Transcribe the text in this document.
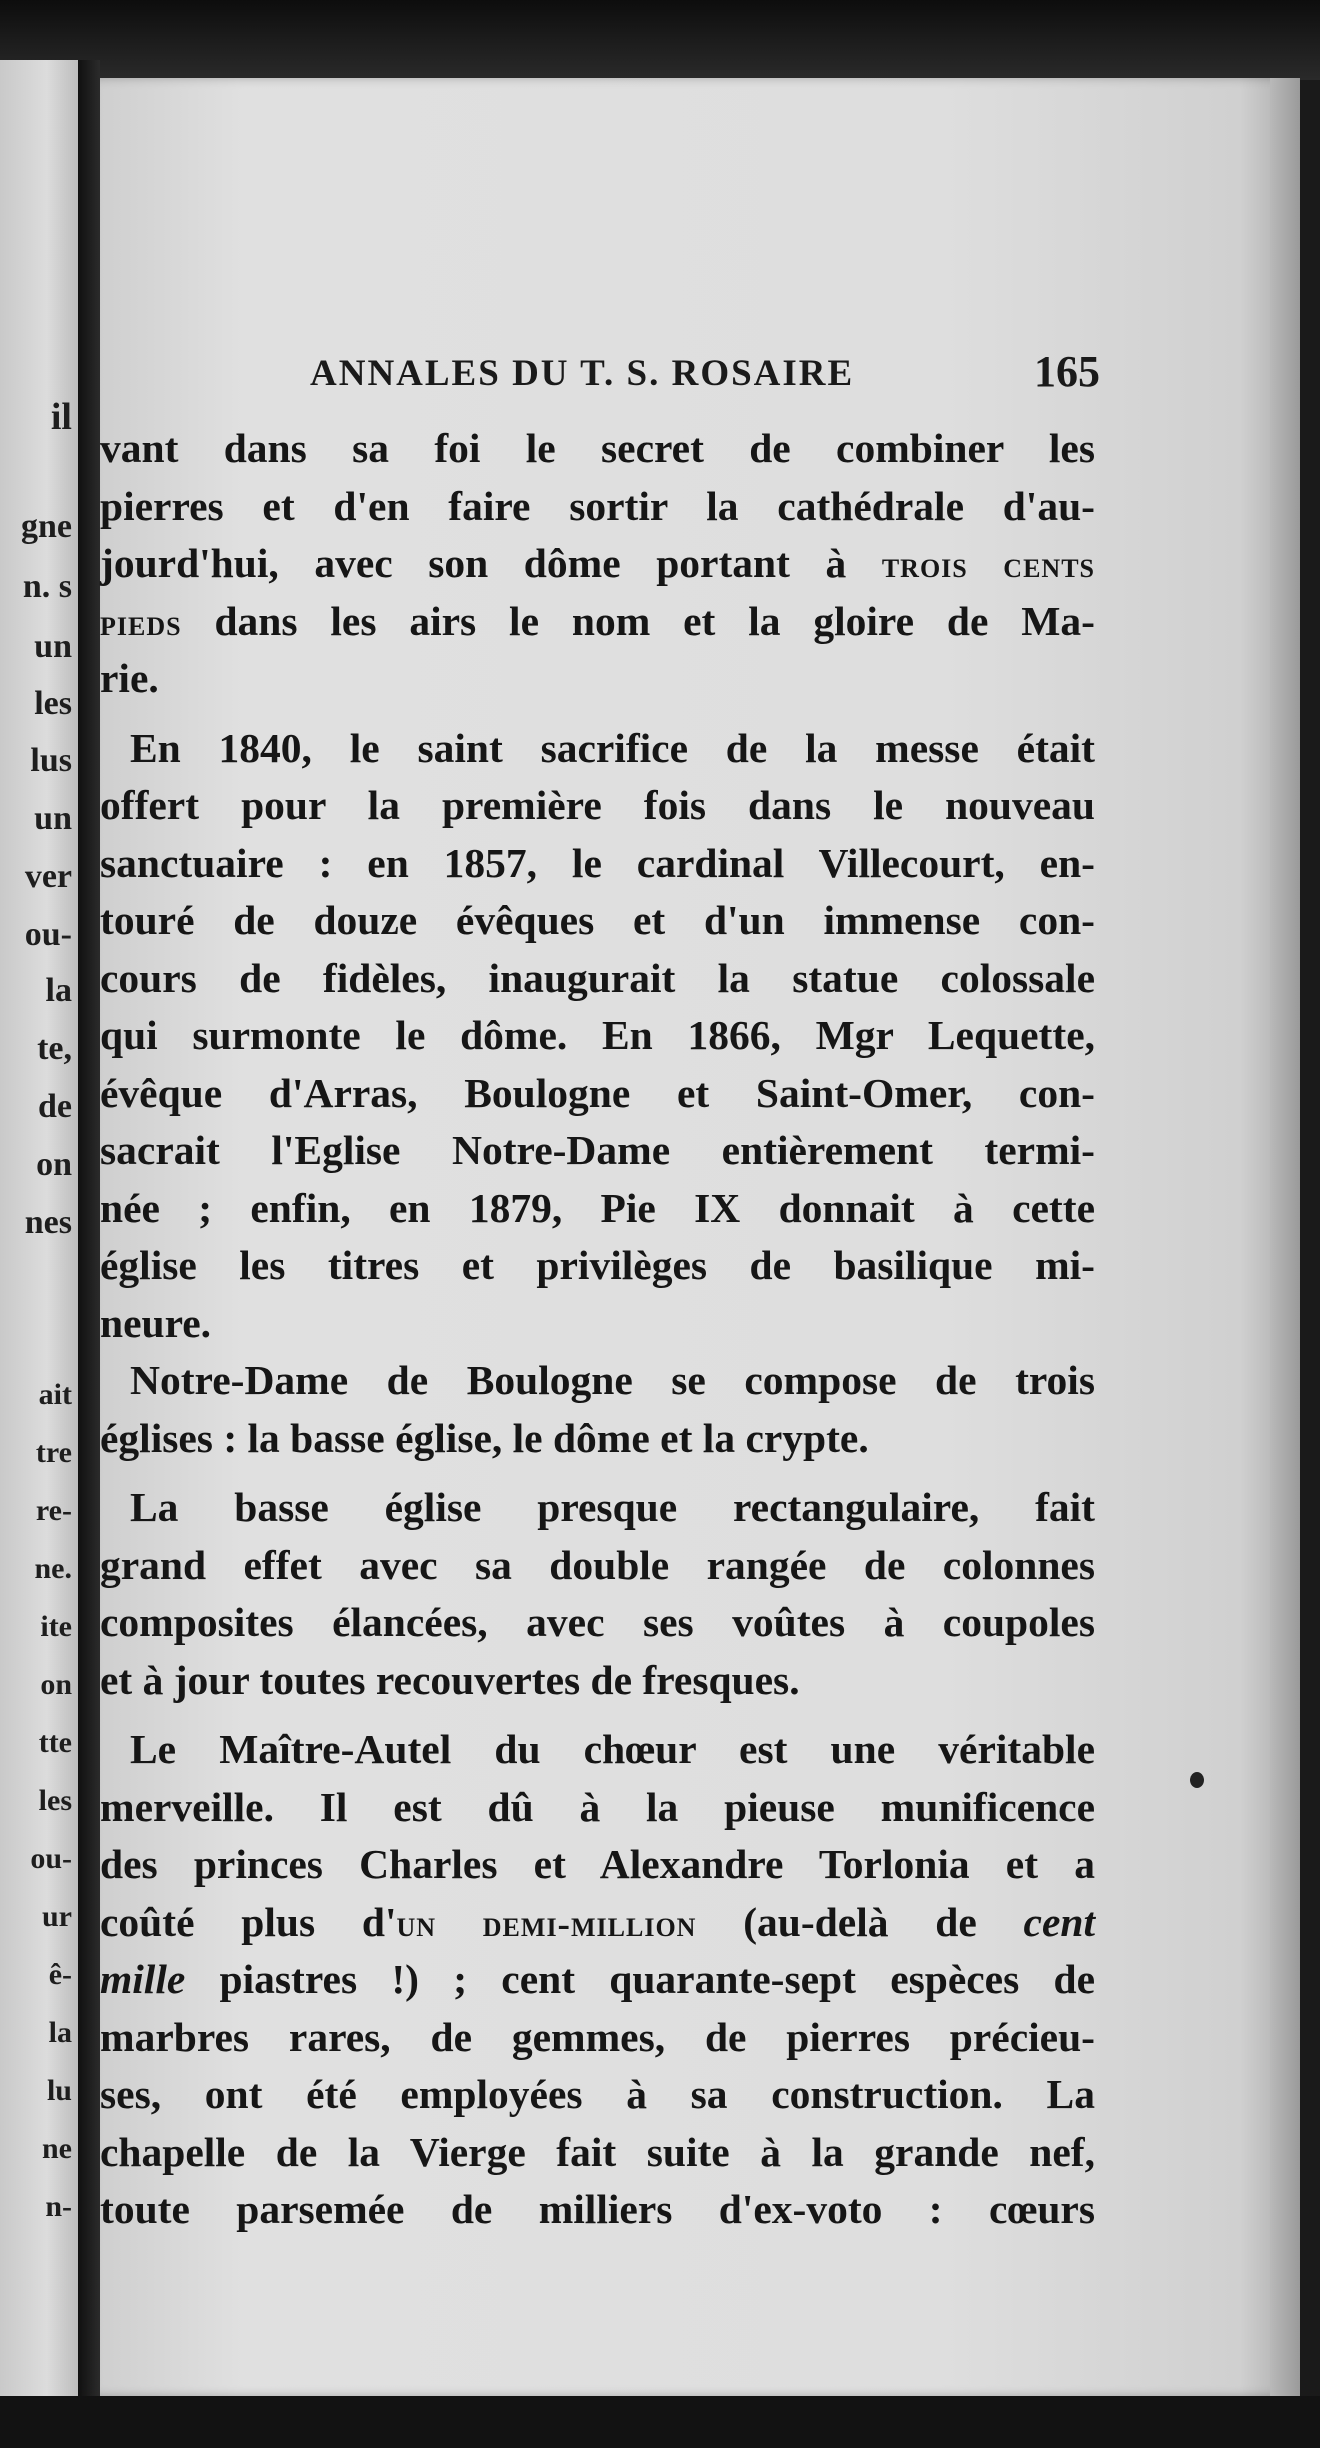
il
gne
n. s
un
les
lus
un
ver
ou-
la
te,
de
on
nes
ait
tre
re-
ne.
ite
on
tte
les
ou-
ur
ê-
la
lu
ne
n-
ANNALES DU T. S. ROSAIRE	165
vant dans sa foi le secret de combiner les
pierres et d'en faire sortir la cathédrale d'au-
jourd'hui, avec son dôme portant à trois cents
pieds dans les airs le nom et la gloire de Ma-
rie.
En 1840, le saint sacrifice de la messe était
offert pour la première fois dans le nouveau
sanctuaire : en 1857, le cardinal Villecourt, en-
touré de douze évêques et d'un immense con-
cours de fidèles, inaugurait la statue colossale
qui surmonte le dôme. En 1866, Mgr Lequette,
évêque d'Arras, Boulogne et Saint-Omer, con-
sacrait l'Eglise Notre-Dame entièrement termi-
née ; enfin, en 1879, Pie IX donnait à cette
église les titres et privilèges de basilique mi-
neure.
Notre-Dame de Boulogne se compose de trois
églises : la basse église, le dôme et la crypte.
La basse église presque rectangulaire, fait
grand effet avec sa double rangée de colonnes
composites élancées, avec ses voûtes à coupoles
et à jour toutes recouvertes de fresques.
Le Maître-Autel du chœur est une véritable
merveille. Il est dû à la pieuse munificence
des princes Charles et Alexandre Torlonia et a
coûté plus d'un demi-million (au-delà de cent
mille piastres !) ; cent quarante-sept espèces de
marbres rares, de gemmes, de pierres précieu-
ses, ont été employées à sa construction. La
chapelle de la Vierge fait suite à la grande nef,
toute parsemée de milliers d'ex-voto : cœurs
